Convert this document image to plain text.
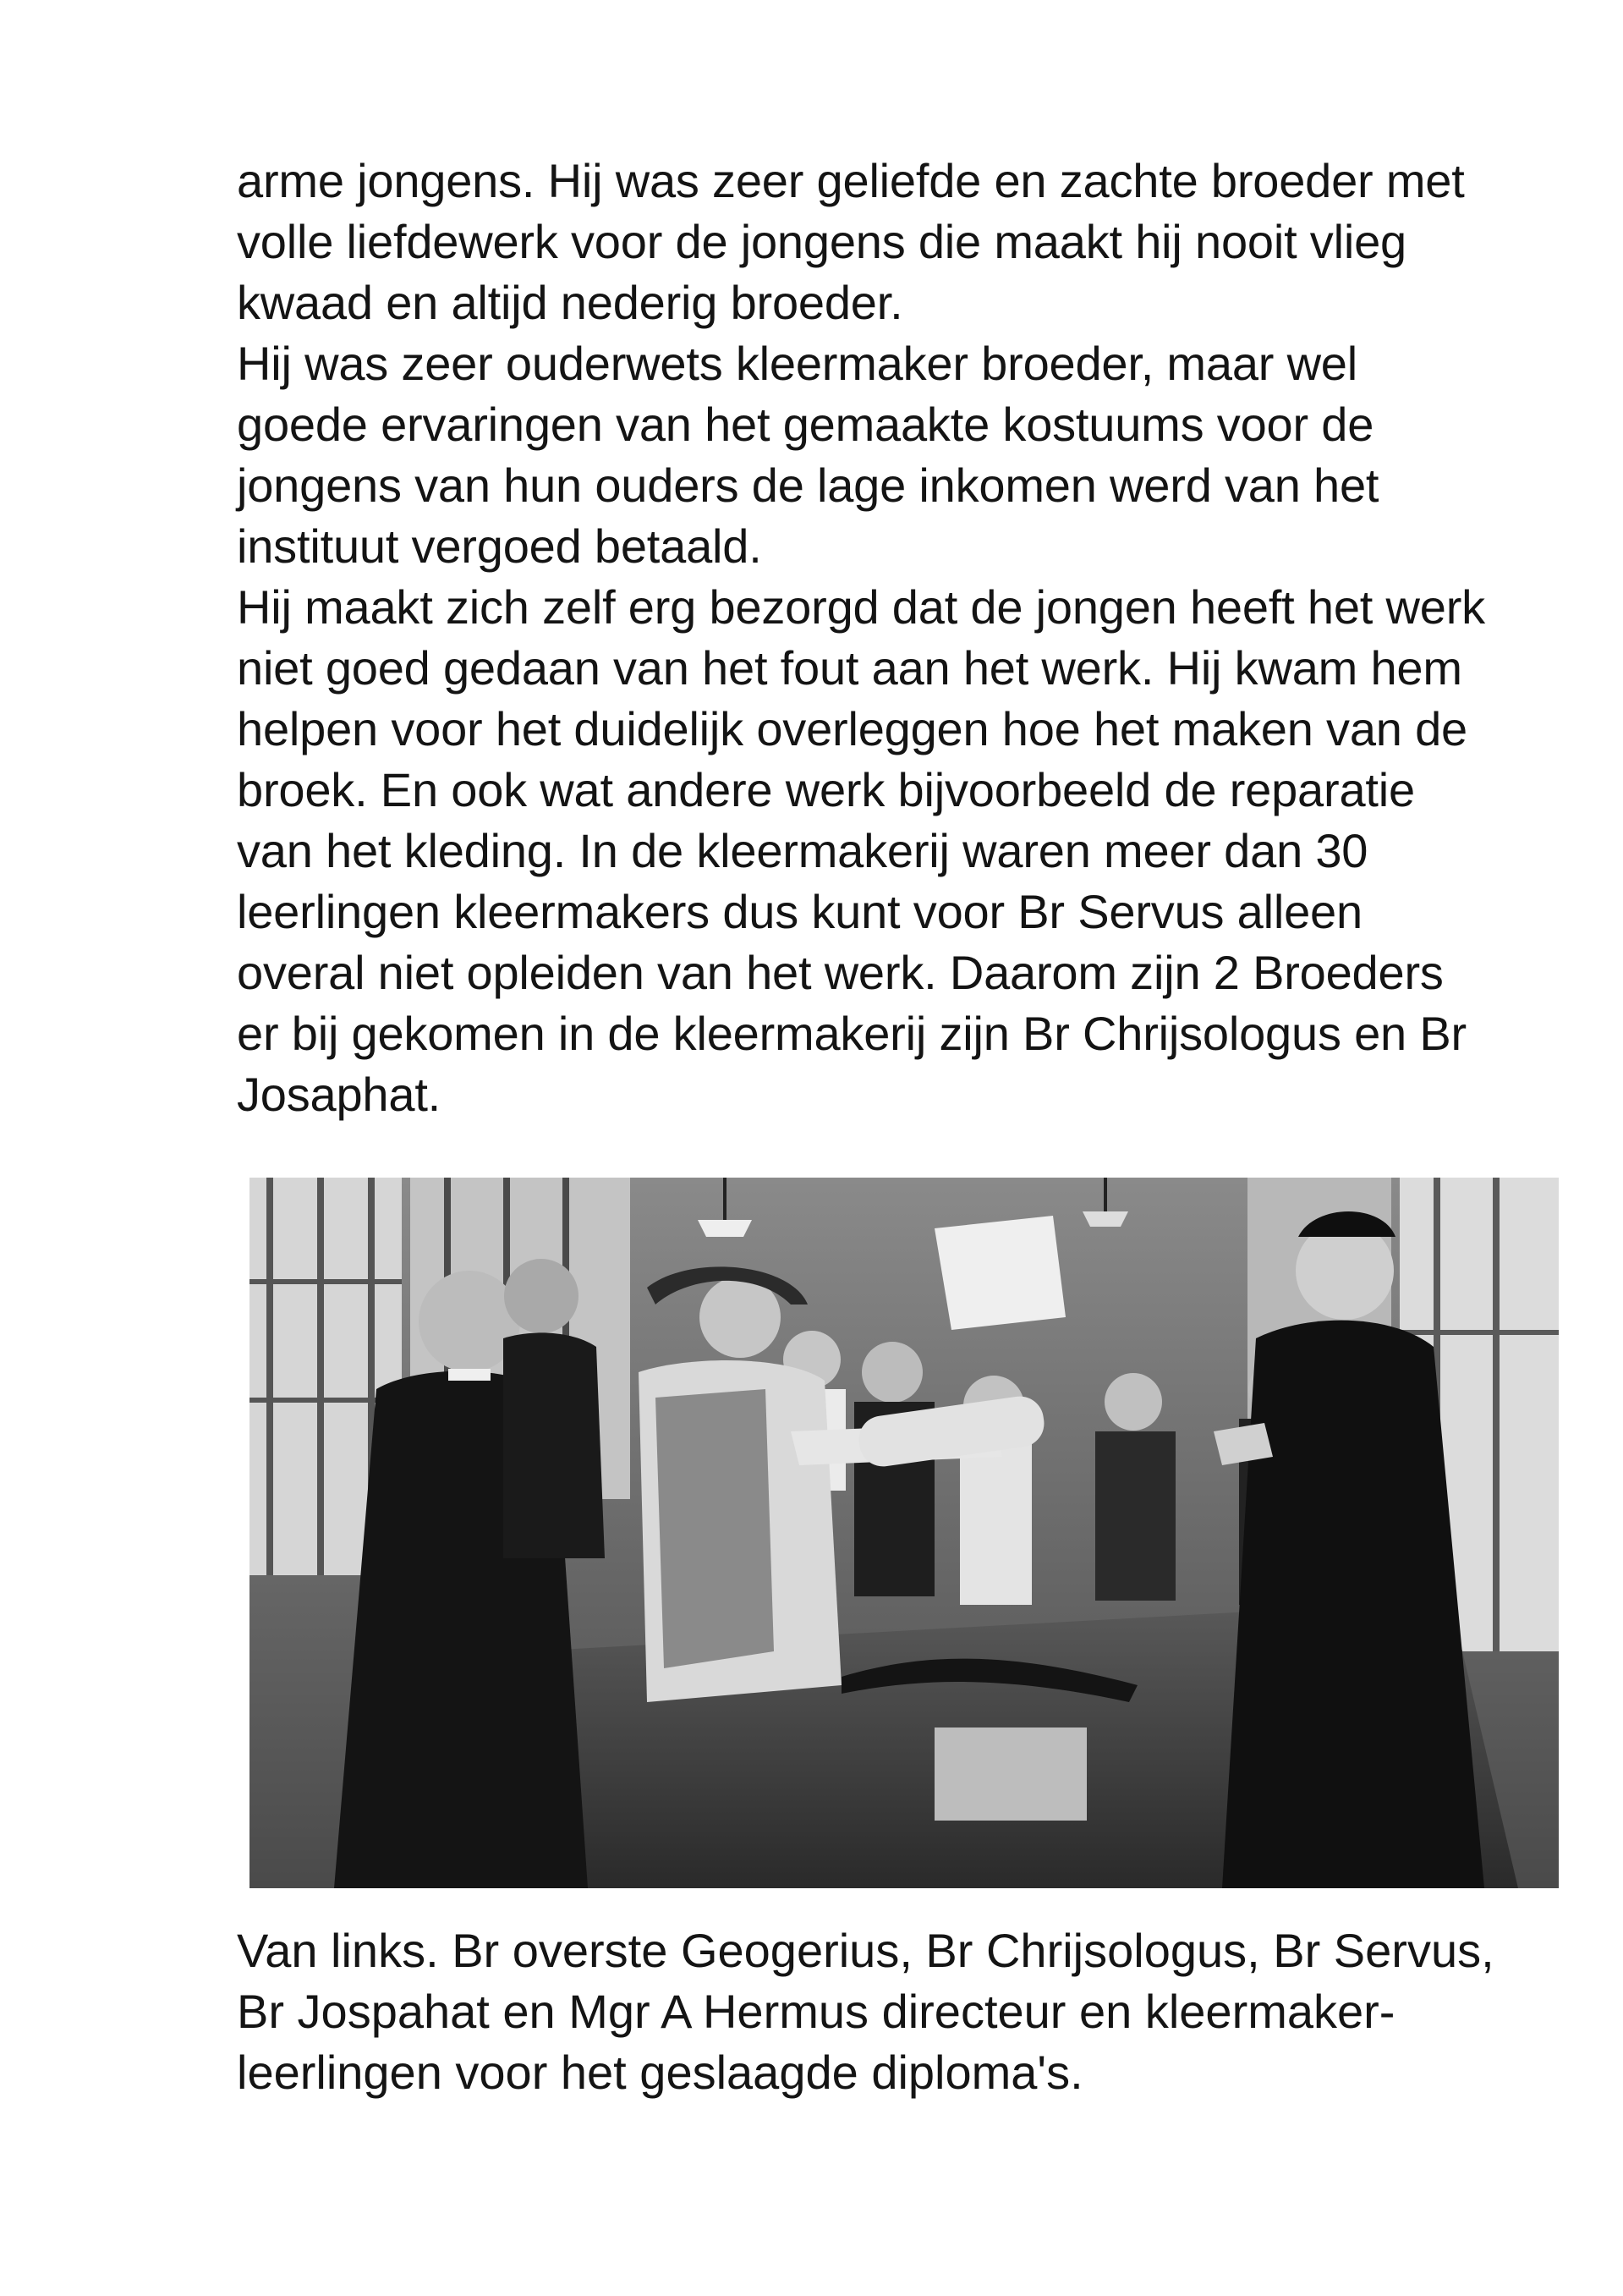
arme jongens. Hij was zeer geliefde en zachte broeder met
volle liefdewerk voor de jongens die maakt hij nooit vlieg
kwaad en altijd nederig broeder.
Hij was zeer ouderwets kleermaker broeder, maar wel
goede ervaringen van het gemaakte kostuums voor de
jongens van hun ouders de lage inkomen werd van het
instituut vergoed betaald.
Hij maakt zich zelf erg bezorgd dat de jongen heeft het werk
niet goed gedaan van het fout aan het werk. Hij kwam hem
helpen voor het duidelijk overleggen hoe het maken van de
broek. En ook wat andere werk bijvoorbeeld de reparatie
van het kleding. In de kleermakerij waren meer dan 30
leerlingen kleermakers dus kunt voor Br Servus alleen
overal niet opleiden van het werk. Daarom zijn 2 Broeders
er bij gekomen in de kleermakerij zijn Br Chrijsologus en Br
Josaphat.
Van links. Br overste Geogerius, Br Chrijsologus, Br Servus,
Br Jospahat en Mgr A Hermus directeur en kleermaker-
leerlingen voor het geslaagde diploma's.
